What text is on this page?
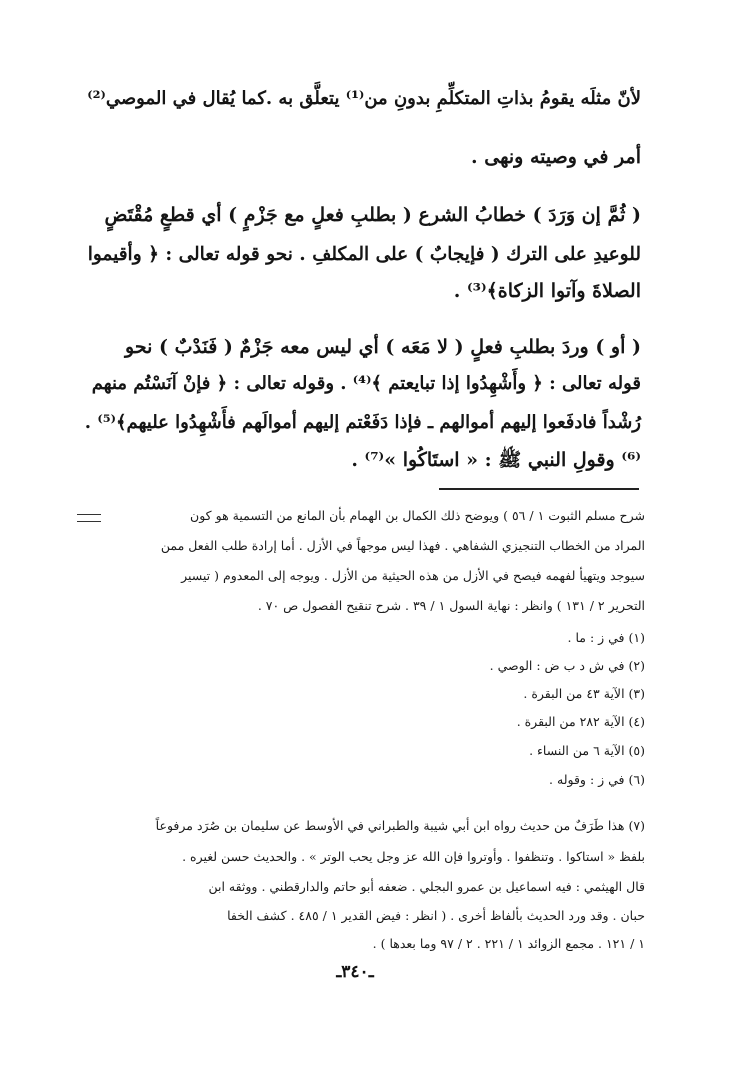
لأنّ مثلَه يقومُ بذاتِ المتكلِّمِ بدونِ من⁽¹⁾ يتعلَّق به .كما يُقال في الموصي⁽²⁾
أمر في وصيته ونهى .
( ثُمَّ إن وَرَدَ ) خطابُ الشرع ( بطلبِ فعلٍ مع جَزْمٍ ) أي قطعٍ مُقْتَضٍ
للوعيدِ على الترك ( فإيجابٌ ) على المكلفِ . نحو قوله تعالى : ﴿ وأقيموا
الصلاةَ وآتوا الزكاة﴾⁽³⁾ .
( أو ) وردَ بطلبِ فعلٍ ( لا مَعَه ) أي ليس معه جَزْمٌ ( فَنَدْبٌ ) نحو
قوله تعالى : ﴿ وأَشْهِدُوا إذا تبايعتم ﴾⁽⁴⁾ . وقوله تعالى : ﴿ فإنْ آنَسْتُم منهم
رُشْداً فادفَعوا إليهم أموالهم ـ فإذا دَفَعْتم إليهم أموالَهم فأَشْهِدُوا عليهم﴾⁽⁵⁾ .
⁽⁶⁾ وقولِ النبي ﷺ : « استَاكُوا »⁽⁷⁾ .
شرح مسلم الثبوت ١ / ٥٦ ) ويوضح ذلك الكمال بن الهمام بأن المانع من التسمية هو كون
المراد من الخطاب التنجيزي الشفاهي . فهذا ليس موجهاً في الأزل . أما إرادة طلب الفعل ممن
سيوجد ويتهيأ لفهمه فيصح في الأزل من هذه الحيثية من الأزل . ويوجه إلى المعدوم ( تيسير
التحرير ٢ / ١٣١ ) وانظر : نهاية السول ١ / ٣٩ . شرح تنقيح الفصول ص ٧٠ .
(١) في ز : ما .
(٢) في ش د ب ض : الوصي .
(٣) الآية ٤٣ من البقرة .
(٤) الآية ٢٨٢ من البقرة .
(٥) الآية ٦ من النساء .
(٦) في ز : وقوله .
(٧) هذا طَرَفٌ من حديث رواه ابن أبي شيبة والطبراني في الأوسط عن سليمان بن صُرَد مرفوعاً
بلفظ « استاكوا . وتنظفوا . وأوتروا فإن الله عز وجل يحب الوتر » . والحديث حسن لغيره .
قال الهيثمي : فيه اسماعيل بن عمرو البجلي . ضعفه أبو حاتم والدارقطني . ووثقه ابن
حبان . وقد ورد الحديث بألفاظ أخرى . ( انظر : فيض القدير ١ / ٤٨٥ . كشف الخفا
١ / ١٢١ . مجمع الزوائد ١ / ٢٢١ . ٢ / ٩٧ وما بعدها ) .
ـ٣٤٠ـ
